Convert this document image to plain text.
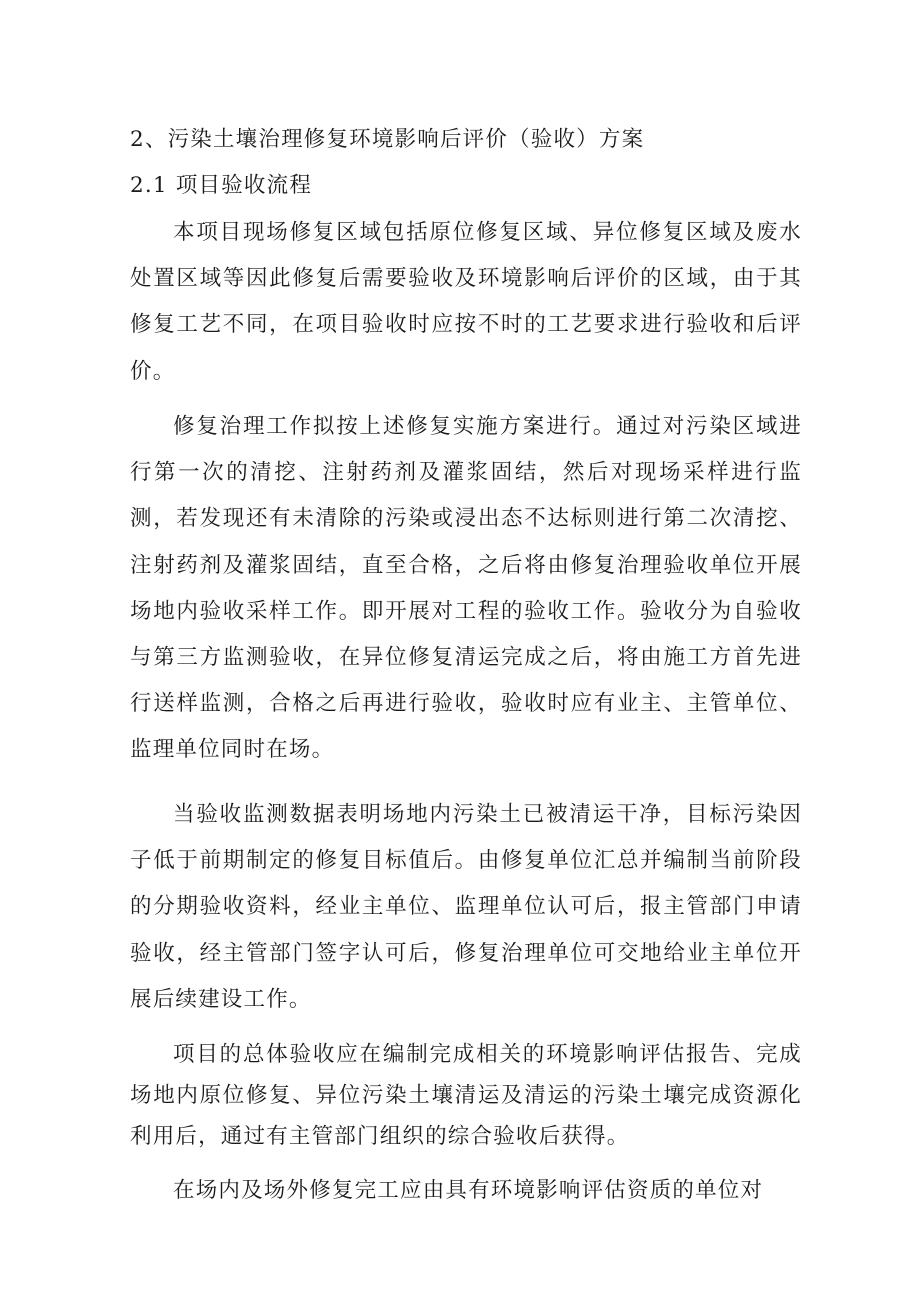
2、污染土壤治理修复环境影响后评价（验收）方案
2.1 项目验收流程

本项目现场修复区域包括原位修复区域、异位修复区域及废水处置区域等因此修复后需要验收及环境影响后评价的区域，由于其修复工艺不同，在项目验收时应按不时的工艺要求进行验收和后评价。

修复治理工作拟按上述修复实施方案进行。通过对污染区域进行第一次的清挖、注射药剂及灌浆固结，然后对现场采样进行监测，若发现还有未清除的污染或浸出态不达标则进行第二次清挖、注射药剂及灌浆固结，直至合格，之后将由修复治理验收单位开展场地内验收采样工作。即开展对工程的验收工作。验收分为自验收与第三方监测验收，在异位修复清运完成之后，将由施工方首先进行送样监测，合格之后再进行验收，验收时应有业主、主管单位、监理单位同时在场。

当验收监测数据表明场地内污染土已被清运干净，目标污染因子低于前期制定的修复目标值后。由修复单位汇总并编制当前阶段的分期验收资料，经业主单位、监理单位认可后，报主管部门申请验收，经主管部门签字认可后，修复治理单位可交地给业主单位开展后续建设工作。

项目的总体验收应在编制完成相关的环境影响评估报告、完成场地内原位修复、异位污染土壤清运及清运的污染土壤完成资源化利用后，通过有主管部门组织的综合验收后获得。

在场内及场外修复完工应由具有环境影响评估资质的单位对
